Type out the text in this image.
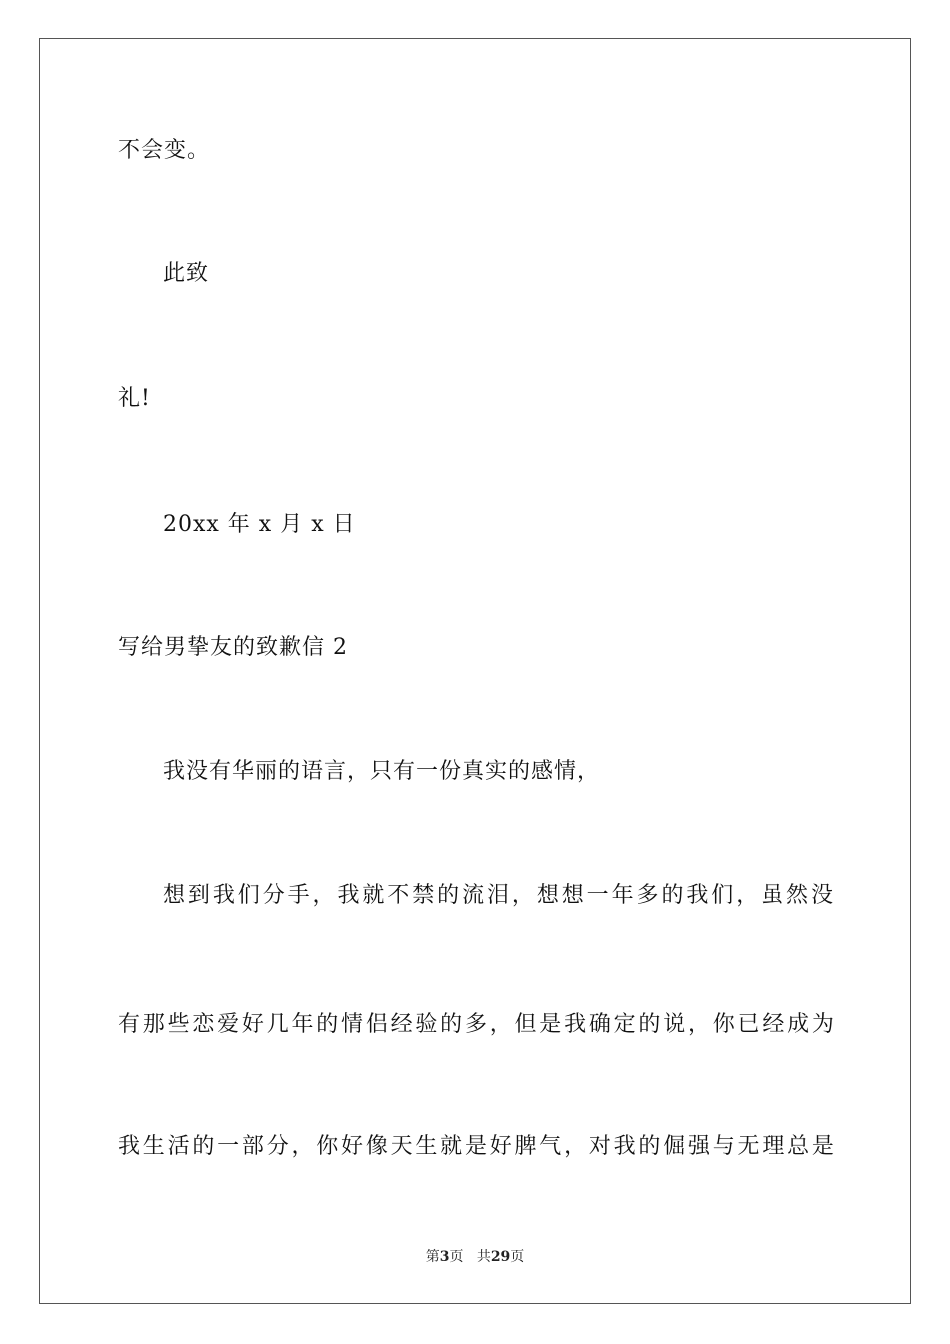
不会变。
此致
礼!
20xx 年 x 月 x 日
写给男挚友的致歉信 2
我没有华丽的语言，只有一份真实的感情，
想 到 我 们 分 手 ， 我 就 不 禁 的 流 泪 ， 想 想 一 年 多 的 我 们 ， 虽 然 没
有 那 些 恋 爱 好 几 年 的 情 侣 经 验 的 多 ， 但 是 我 确 定 的 说 ， 你 已 经 成 为
我 生 活 的 一 部 分 ， 你 好 像 天 生 就 是 好 脾 气 ， 对 我 的 倔 强 与 无 理 总 是
第3页 共29页
